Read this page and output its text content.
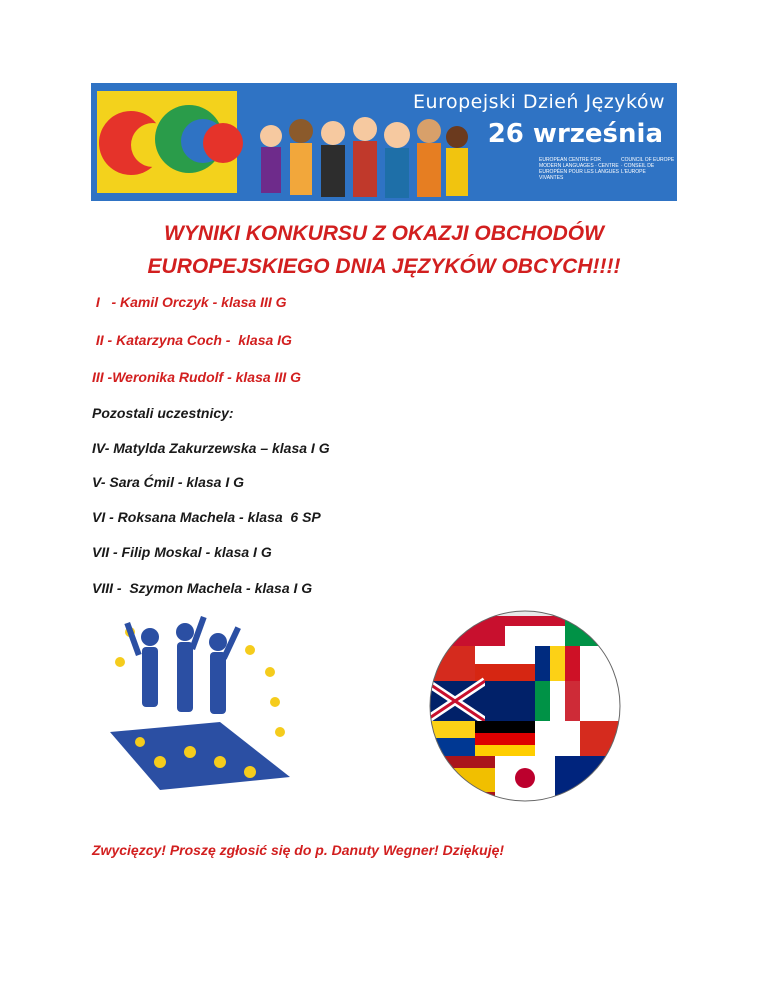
Europejski Dzień Języków
26 września
EUROPEAN CENTRE FOR MODERN LANGUAGES · CENTRE EUROPÉEN POUR LES LANGUES VIVANTES
COUNCIL OF EUROPE · CONSEIL DE L'EUROPE
WYNIKI KONKURSU Z OKAZJI OBCHODÓW
EUROPEJSKIEGO DNIA JĘZYKÓW OBCYCH!!!!
I   - Kamil Orczyk - klasa III G
II - Katarzyna Coch -  klasa IG
III -Weronika Rudolf - klasa III G
Pozostali uczestnicy:
IV- Matylda Zakurzewska – klasa I G
V- Sara Ćmil - klasa I G
VI - Roksana Machela - klasa  6 SP
VII - Filip Moskal - klasa I G
VIII -  Szymon Machela - klasa I G
Zwycięzcy! Proszę zgłosić się do p. Danuty Wegner! Dziękuję!
